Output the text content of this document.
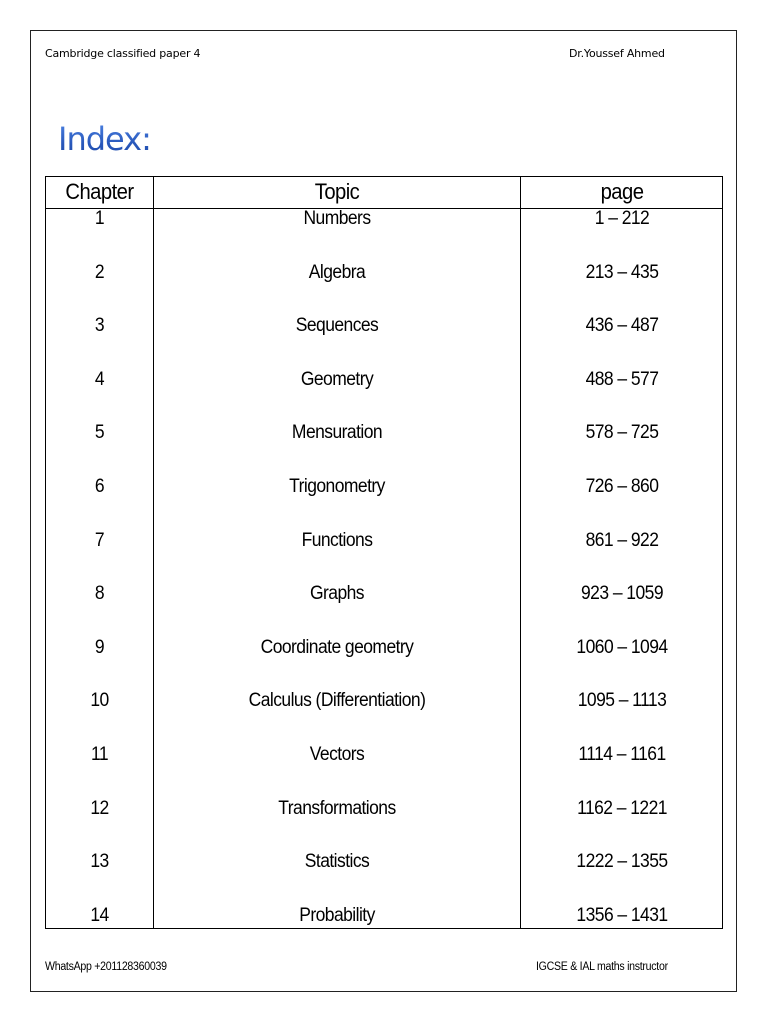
Cambridge classified paper 4	Dr.Youssef Ahmed
Index:
Chapter	Topic	page
1	Numbers	1 – 212
2	Algebra	213 – 435
3	Sequences	436 – 487
4	Geometry	488 – 577
5	Mensuration	578 – 725
6	Trigonometry	726 – 860
7	Functions	861 – 922
8	Graphs	923 – 1059
9	Coordinate geometry	1060 – 1094
10	Calculus (Differentiation)	1095 – 1113
11	Vectors	1114 – 1161
12	Transformations	1162 – 1221
13	Statistics	1222 – 1355
14	Probability	1356 – 1431
WhatsApp +201128360039	IGCSE & IAL maths instructor
